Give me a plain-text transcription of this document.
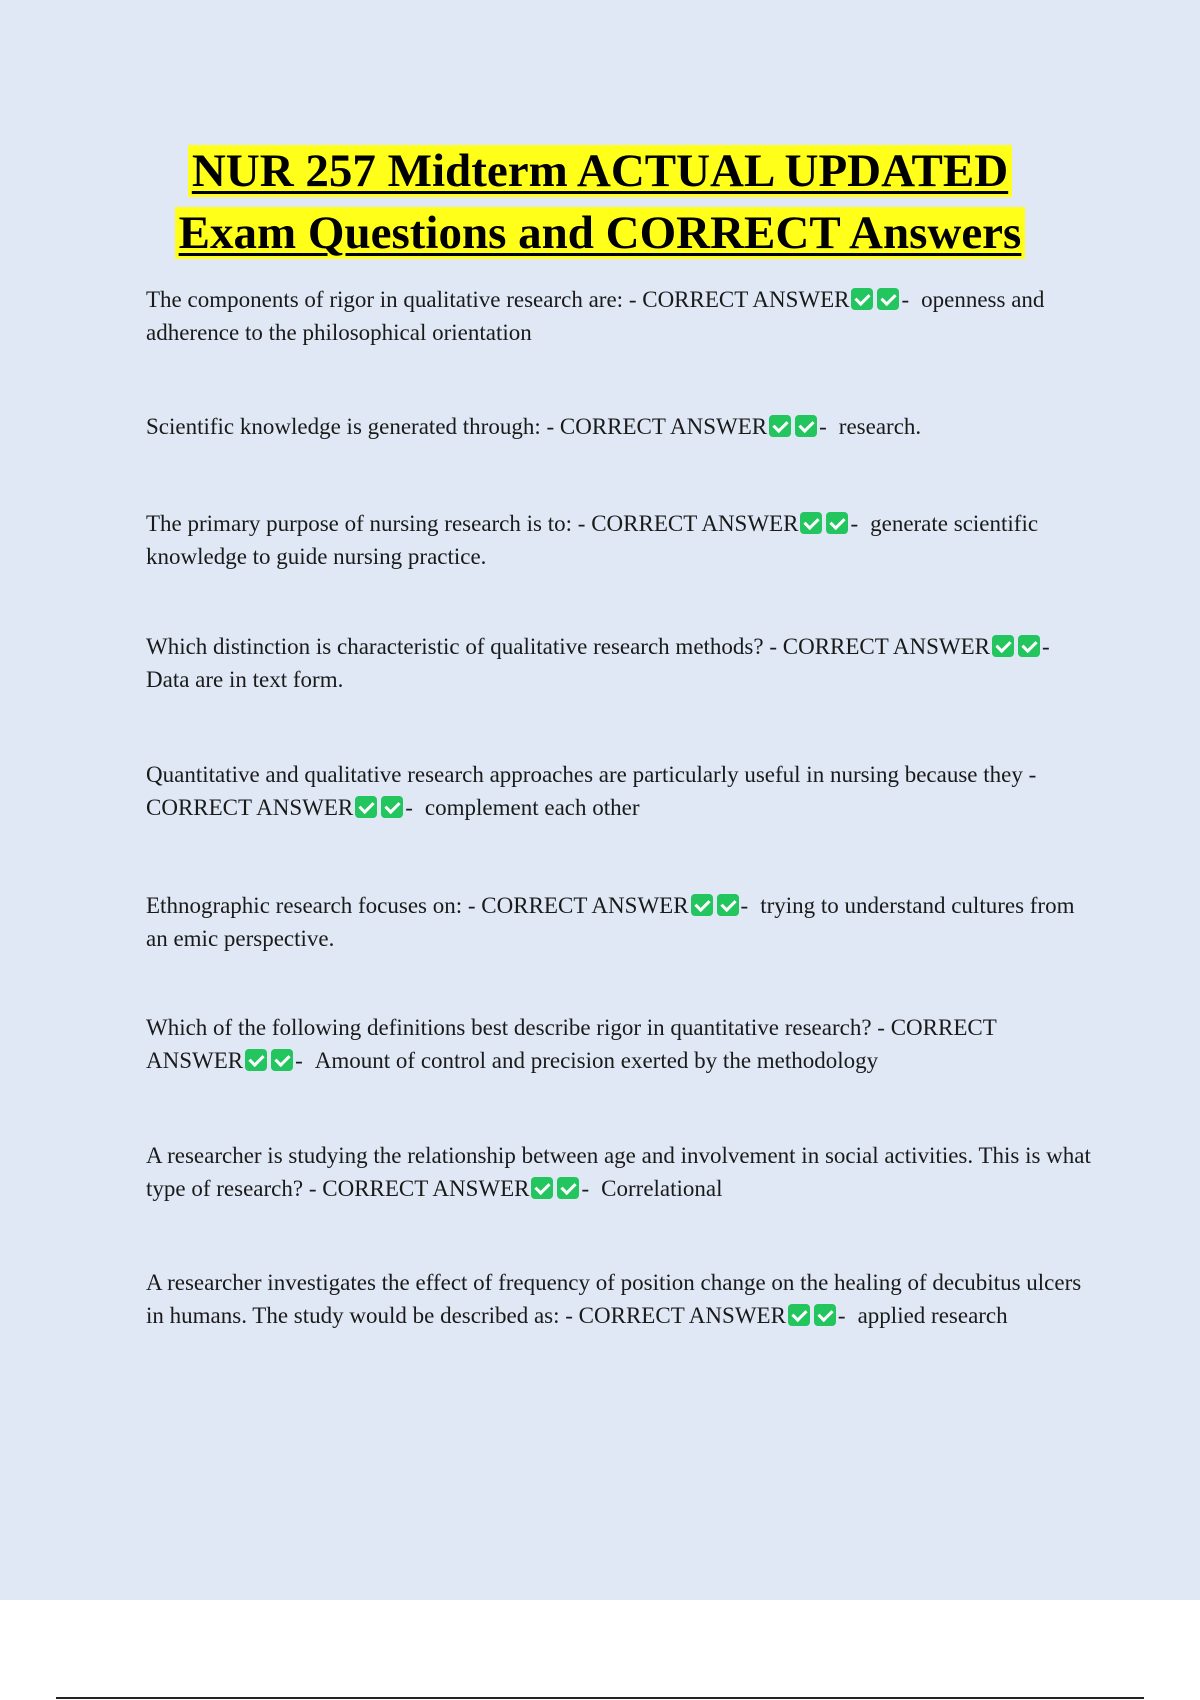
NUR 257 Midterm ACTUAL UPDATED
Exam Questions and CORRECT Answers

The components of rigor in qualitative research are: - CORRECT ANSWER - openness and adherence to the philosophical orientation

Scientific knowledge is generated through: - CORRECT ANSWER - research.

The primary purpose of nursing research is to: - CORRECT ANSWER - generate scientific knowledge to guide nursing practice.

Which distinction is characteristic of qualitative research methods? - CORRECT ANSWER -Data are in text form.

Quantitative and qualitative research approaches are particularly useful in nursing because they - CORRECT ANSWER - complement each other

Ethnographic research focuses on: - CORRECT ANSWER - trying to understand cultures from an emic perspective.

Which of the following definitions best describe rigor in quantitative research? - CORRECT ANSWER - Amount of control and precision exerted by the methodology

A researcher is studying the relationship between age and involvement in social activities. This is what type of research? - CORRECT ANSWER - Correlational

A researcher investigates the effect of frequency of position change on the healing of decubitus ulcers in humans. The study would be described as: - CORRECT ANSWER - applied research
